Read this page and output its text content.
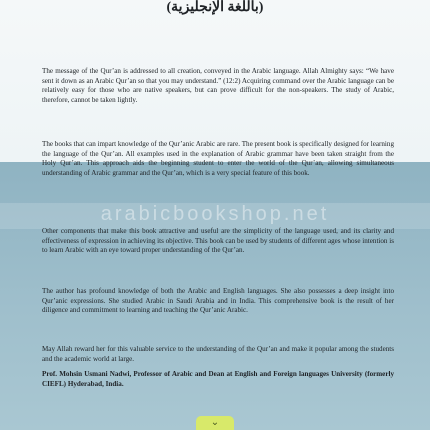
arabicbookshop.net
(باللغة الإنجليزية)

The message of the Qur’an is addressed to all creation, conveyed in the Arabic language. Allah Almighty says: “We have sent it down as an Arabic Qur’an so that you may understand.” (12:2) Acquiring command over the Arabic language can be relatively easy for those who are native speakers, but can prove difficult for the non-speakers. The study of Arabic, therefore, cannot be taken lightly.

The books that can impart knowledge of the Qur’anic Arabic are rare. The present book is specifically designed for learning the language of the Qur’an. All examples used in the explanation of Arabic grammar have been taken straight from the Holy Qur’an. This approach aids the beginning student to enter the world of the Qur’an, allowing simultaneous understanding of Arabic grammar and the Qur’an, which is a very special feature of this book.

Other components that make this book attractive and useful are the simplicity of the language used, and its clarity and effectiveness of expression in achieving its objective. This book can be used by students of different ages whose intention is to learn Arabic with an eye toward proper understanding of the Qur’an.

The author has profound knowledge of both the Arabic and English languages. She also possesses a deep insight into Qur’anic expressions. She studied Arabic in Saudi Arabia and in India. This comprehensive book is the result of her diligence and commitment to learning and teaching the Qur’anic Arabic.

May Allah reward her for this valuable service to the understanding of the Qur’an and make it popular among the students and the academic world at large.

Prof. Mohsin Usmani Nadwi, Professor of Arabic and Dean at English and Foreign languages University (formerly CIEFL) Hyderabad, India.

⌄
